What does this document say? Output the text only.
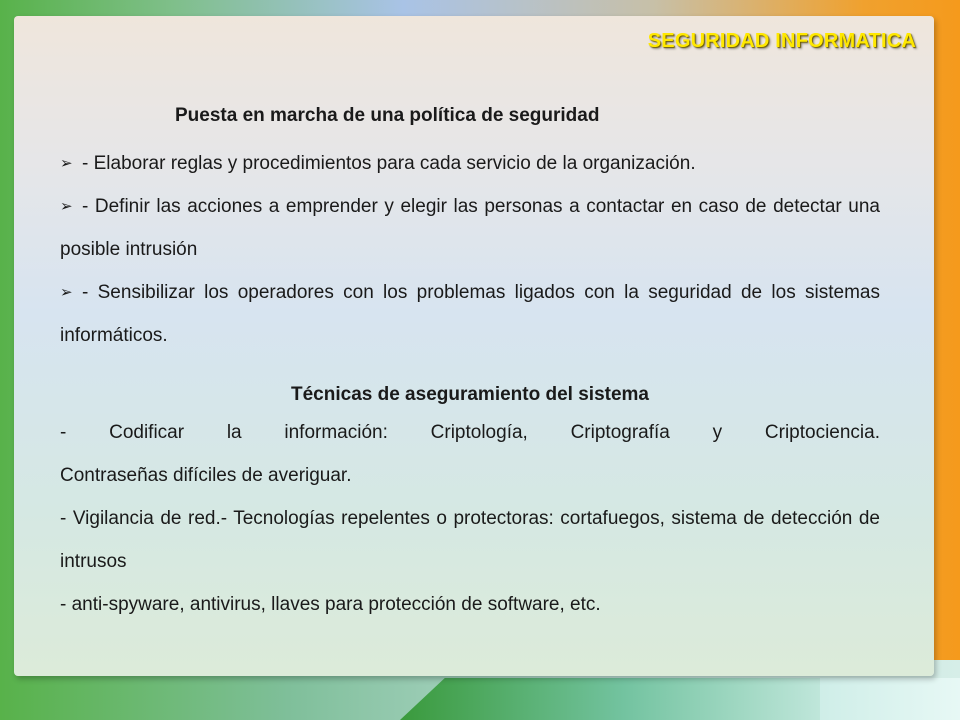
SEGURIDAD INFORMATICA

Puesta en marcha de una política de seguridad

➢ - Elaborar reglas y procedimientos para cada servicio de la organización.

➢ - Definir las acciones a emprender y elegir las personas a contactar en caso de detectar una posible intrusión

➢ - Sensibilizar los operadores con los problemas ligados con la seguridad de los sistemas informáticos.

Técnicas de aseguramiento del sistema

- Codificar la información: Criptología, Criptografía y Criptociencia.

Contraseñas difíciles de averiguar.

- Vigilancia de red.- Tecnologías repelentes o protectoras: cortafuegos, sistema de detección de intrusos

- anti-spyware, antivirus, llaves para protección de software, etc.
